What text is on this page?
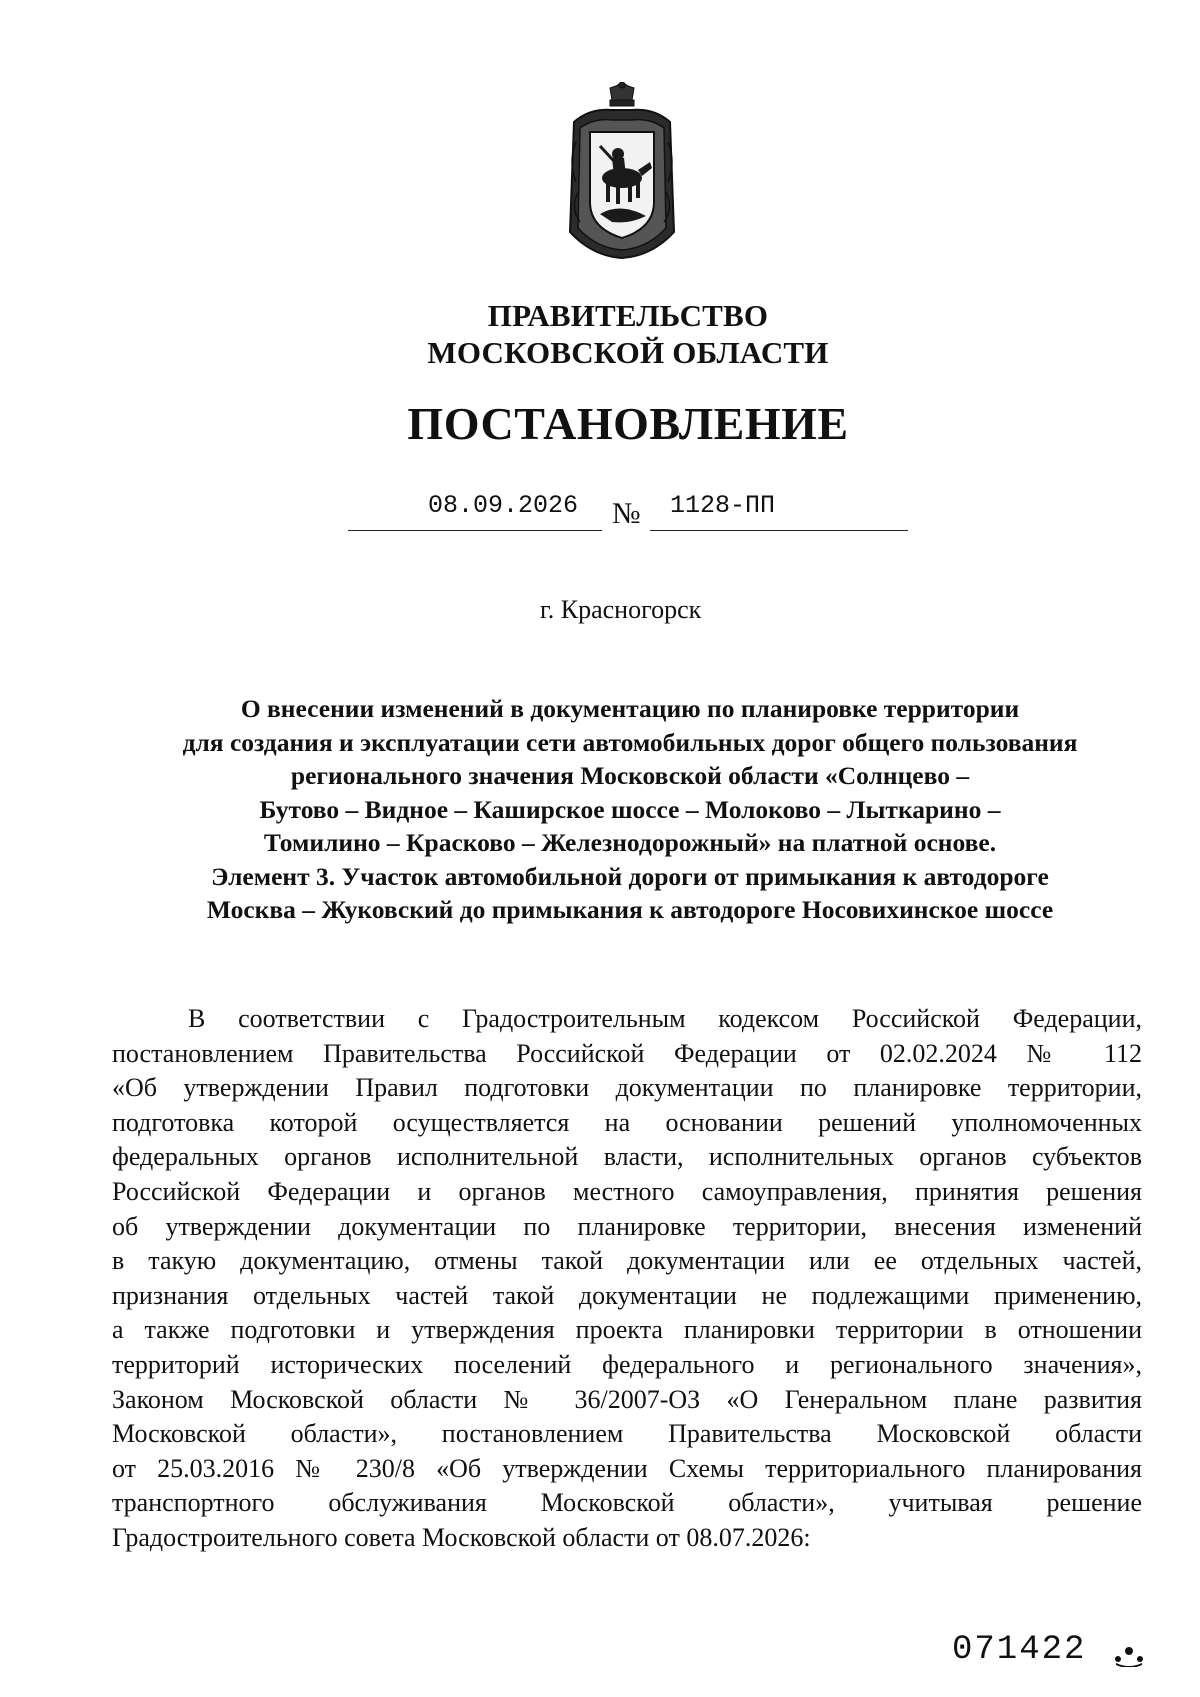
ПРАВИТЕЛЬСТВО
МОСКОВСКОЙ ОБЛАСТИ
ПОСТАНОВЛЕНИЕ
08.09.2026 № 1128-ПП
г. Красногорск
О внесении изменений в документацию по планировке территории
для создания и эксплуатации сети автомобильных дорог общего пользования
регионального значения Московской области «Солнцево –
Бутово – Видное – Каширское шоссе – Молоково – Лыткарино –
Томилино – Красково – Железнодорожный» на платной основе.
Элемент 3. Участок автомобильной дороги от примыкания к автодороге
Москва – Жуковский до примыкания к автодороге Носовихинское шоссе
В соответствии с Градостроительным кодексом Российской Федерации,
постановлением Правительства Российской Федерации от 02.02.2024 № 112
«Об утверждении Правил подготовки документации по планировке территории,
подготовка которой осуществляется на основании решений уполномоченных
федеральных органов исполнительной власти, исполнительных органов субъектов
Российской Федерации и органов местного самоуправления, принятия решения
об утверждении документации по планировке территории, внесения изменений
в такую документацию, отмены такой документации или ее отдельных частей,
признания отдельных частей такой документации не подлежащими применению,
а также подготовки и утверждения проекта планировки территории в отношении
территорий исторических поселений федерального и регионального значения»,
Законом Московской области № 36/2007-ОЗ «О Генеральном плане развития
Московской области», постановлением Правительства Московской области
от 25.03.2016 № 230/8 «Об утверждении Схемы территориального планирования
транспортного обслуживания Московской области», учитывая решение
Градостроительного совета Московской области от 08.07.2026:
071422
